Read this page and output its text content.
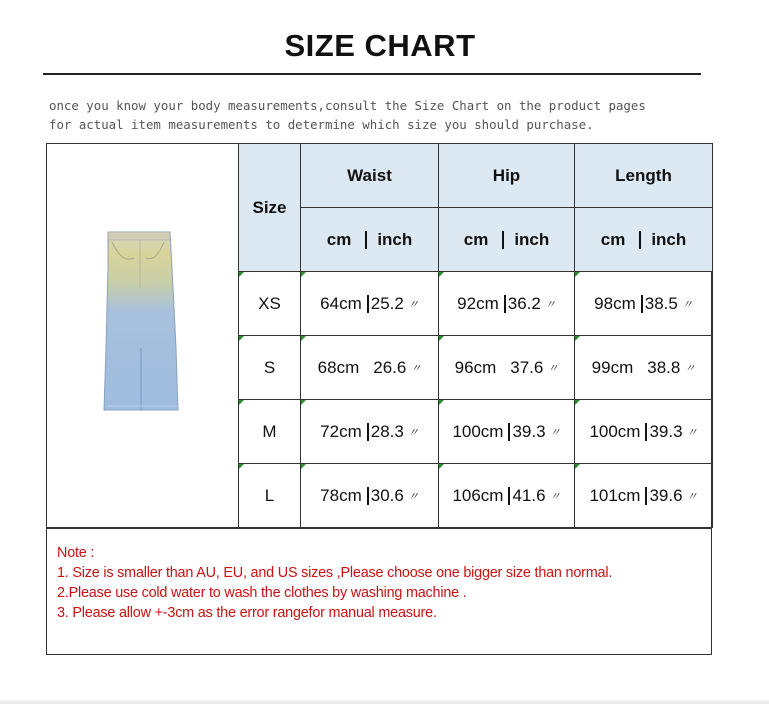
SIZE CHART
once you know your body measurements,consult the Size Chart on the product pages
for actual item measurements to determine which size you should purchase.
Size	Waist	Hip	Length

	cm inch	cm inch	cm inch

XS	64cm 25.2 〃	92cm 36.2 〃	98cm 38.5 〃

S	68cm 26.6 〃	96cm 37.6 〃	99cm 38.8 〃

M	72cm 28.3 〃	100cm 39.3 〃	100cm 39.3 〃

L	78cm 30.6 〃	106cm 41.6 〃	101cm 39.6 〃
Note :
1. Size is smaller than AU, EU, and US sizes ,Please choose one bigger size than normal.
2.Please use cold water to wash the clothes by washing machine .
3. Please allow +-3cm as the error rangefor manual measure.
